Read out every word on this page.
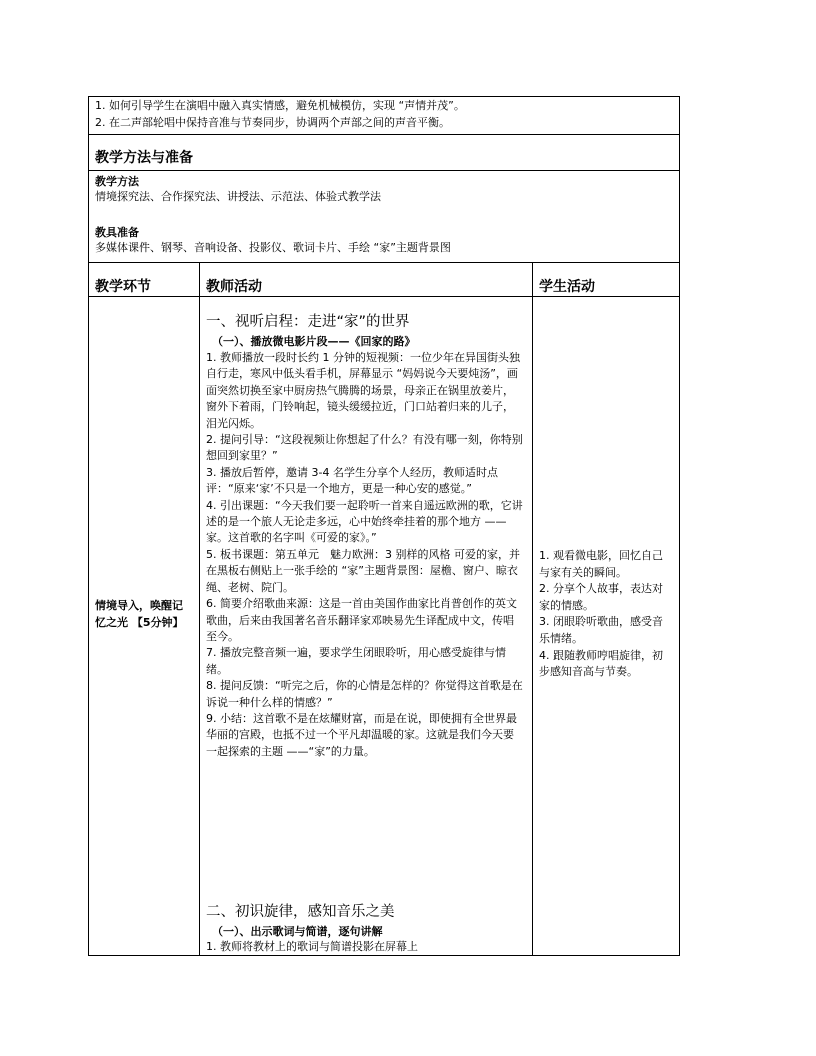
1. 如何引导学生在演唱中融入真实情感，避免机械模仿，实现 “声情并茂”。
2. 在二声部轮唱中保持音准与节奏同步，协调两个声部之间的声音平衡。
教学方法与准备
教学方法
情境探究法、合作探究法、讲授法、示范法、体验式教学法
教具准备
多媒体课件、钢琴、音响设备、投影仪、歌词卡片、手绘 “家”主题背景图
教学环节	教师活动	学生活动
情境导入，唤醒记忆之光 【5分钟】
一、视听启程：走进“家”的世界
（一）、播放微电影片段——《回家的路》

1. 教师播放一段时长约 1 分钟的短视频：一位少年在异国街头独自行走，寒风中低头看手机，屏幕显示 “妈妈说今天要炖汤”，画面突然切换至家中厨房热气腾腾的场景，母亲正在锅里放姜片，窗外下着雨，门铃响起，镜头缓缓拉近，门口站着归来的儿子，泪光闪烁。

2. 提问引导：“这段视频让你想起了什么？有没有哪一刻，你特别想回到家里？”

3. 播放后暂停，邀请 3-4 名学生分享个人经历，教师适时点评：“原来‘家’不只是一个地方，更是一种心安的感觉。”

4. 引出课题：“今天我们要一起聆听一首来自遥远欧洲的歌，它讲述的是一个旅人无论走多远，心中始终牵挂着的那个地方 ——家。这首歌的名字叫《可爱的家》。”

5. 板书课题：第五单元　魅力欧洲：3 别样的风格 可爱的家，并在黑板右侧贴上一张手绘的 “家”主题背景图：屋檐、窗户、晾衣绳、老树、院门。

6. 简要介绍歌曲来源：这是一首由美国作曲家比肖普创作的英文歌曲，后来由我国著名音乐翻译家邓映易先生译配成中文，传唱至今。

7. 播放完整音频一遍，要求学生闭眼聆听，用心感受旋律与情绪。

8. 提问反馈：“听完之后，你的心情是怎样的？你觉得这首歌是在诉说一种什么样的情感？”

9. 小结：这首歌不是在炫耀财富，而是在说，即使拥有全世界最华丽的宫殿，也抵不过一个平凡却温暖的家。这就是我们今天要一起探索的主题 ——“家”的力量。

二、初识旋律，感知音乐之美
（一）、出示歌词与简谱，逐句讲解
1. 教师将教材上的歌词与简谱投影在屏幕上

1. 观看微电影，回忆自己与家有关的瞬间。

2. 分享个人故事，表达对家的情感。

3. 闭眼聆听歌曲，感受音乐情绪。

4. 跟随教师哼唱旋律，初步感知音高与节奏。
